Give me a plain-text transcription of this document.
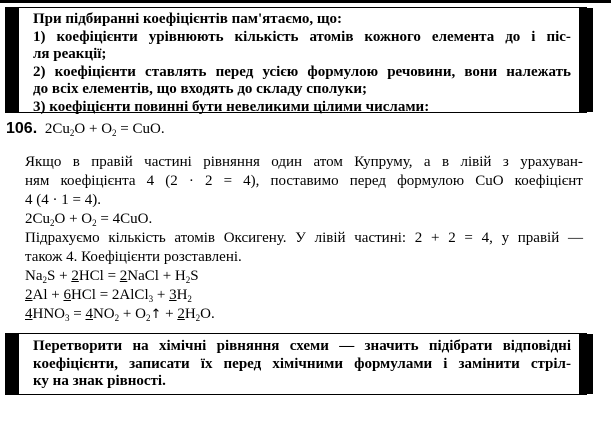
При підбиранні коефіцієнтів пам'ятаємо, що:
1) коефіцієнти урівнюють кількість атомів кожного елемента до і піс-
ля реакції;
2) коефіцієнти ставлять перед усією формулою речовини, вони належать
до всіх елементів, що входять до складу сполуки;
3) коефіцієнти повинні бути невеликими цілими числами:
106. $2Cu_2O + O_2$ = CuO.
Якщо в правій частині рівняння один атом Купруму, а в лівій з урахуван-
ням коефіцієнта 4 (2 · 2 = 4), поставимо перед формулою CuO коефіцієнт
4 (4 · 1 = 4).
$2Cu_2O + O_2 = 4CuO$.
Підрахуємо кількість атомів Оксигену. У лівій частині: 2 + 2 = 4, у правій —
також 4. Коефіцієнти розставлені.
$Na_2S + 2HCl$ = 2NaCl + $H_2S$
2Al + 6HCl = 2AlCl$_3$ + $3H_2$
$4HNO_3 = 4NO_2$ + $O_2↑ + 2H_2O$.
Перетворити на хімічні рівняння схеми — значить підібрати відповідні
коефіцієнти, записати їх перед хімічними формулами і замінити стріл-
ку на знак рівності.
